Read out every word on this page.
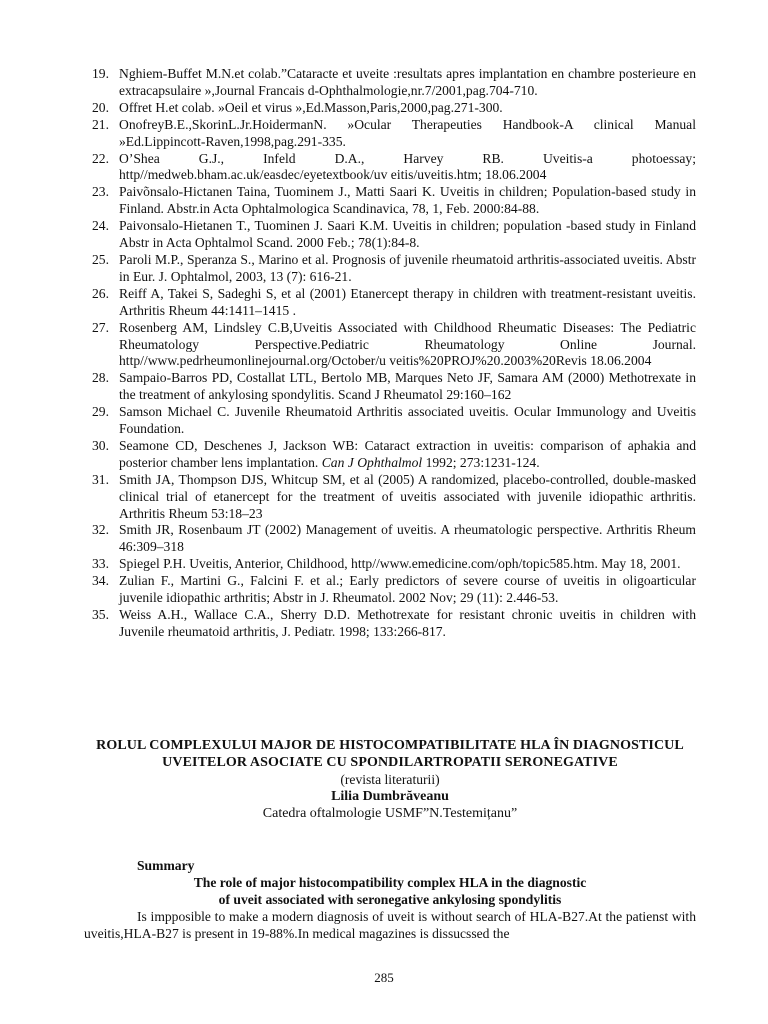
19. Nghiem-Buffet M.N.et colab.”Cataracte et uveite :resultats apres implantation en chambre posterieure en extracapsulaire »,Journal Francais d-Ophthalmologie,nr.7/2001,pag.704-710.
20. Offret H.et colab. »Oeil et virus »,Ed.Masson,Paris,2000,pag.271-300.
21. OnofreyB.E.,SkorinL.Jr.HoidermanN. »Ocular Therapeuties Handbook-A clinical Manual »Ed.Lippincott-Raven,1998,pag.291-335.
22. O’Shea G.J., Infeld D.A., Harvey RB. Uveitis-a photoessay; http//medweb.bham.ac.uk/easdec/eyetextbook/uv eitis/uveitis.htm; 18.06.2004
23. Paivõnsalo-Hictanen Taina, Tuominem J., Matti Saari K. Uveitis in children; Population-based study in Finland. Abstr.in Acta Ophtalmologica Scandinavica, 78, 1, Feb. 2000:84-88.
24. Paivonsalo-Hietanen T., Tuominen J. Saari K.M. Uveitis in children; population -based study in Finland Abstr in Acta Ophtalmol Scand. 2000 Feb.; 78(1):84-8.
25. Paroli M.P., Speranza S., Marino et al. Prognosis of juvenile rheumatoid arthritis-associated uveitis. Abstr in Eur. J. Ophtalmol, 2003, 13 (7): 616-21.
26. Reiff A, Takei S, Sadeghi S, et al (2001) Etanercept therapy in children with treatment-resistant uveitis. Arthritis Rheum 44:1411–1415 .
27. Rosenberg AM, Lindsley C.B,Uveitis Associated with Childhood Rheumatic Diseases: The Pediatric Rheumatology Perspective.Pediatric Rheumatology Online Journal. http//www.pedrheumonlinejournal.org/October/u veitis%20PROJ%20.2003%20Revis 18.06.2004
28. Sampaio-Barros PD, Costallat LTL, Bertolo MB, Marques Neto JF, Samara AM (2000) Methotrexate in the treatment of ankylosing spondylitis. Scand J Rheumatol 29:160–162
29. Samson Michael C. Juvenile Rheumatoid Arthritis associated uveitis. Ocular Immunology and Uveitis Foundation.
30. Seamone CD, Deschenes J, Jackson WB: Cataract extraction in uveitis: comparison of aphakia and posterior chamber lens implantation. Can J Ophthalmol 1992; 273:1231-124.
31. Smith JA, Thompson DJS, Whitcup SM, et al (2005) A randomized, placebo-controlled, double-masked clinical trial of etanercept for the treatment of uveitis associated with juvenile idiopathic arthritis. Arthritis Rheum 53:18–23
32. Smith JR, Rosenbaum JT (2002) Management of uveitis. A rheumatologic perspective. Arthritis Rheum 46:309–318
33. Spiegel P.H. Uveitis, Anterior, Childhood, http//www.emedicine.com/oph/topic585.htm. May 18, 2001.
34. Zulian F., Martini G., Falcini F. et al.; Early predictors of severe course of uveitis in oligoarticular juvenile idiopathic arthritis; Abstr in J. Rheumatol. 2002 Nov; 29 (11): 2.446-53.
35. Weiss A.H., Wallace C.A., Sherry D.D. Methotrexate for resistant chronic uveitis in children with Juvenile rheumatoid arthritis, J. Pediatr. 1998; 133:266-817.
ROLUL COMPLEXULUI MAJOR DE HISTOCOMPATIBILITATE HLA ÎN DIAGNOSTICUL UVEITELOR ASOCIATE CU SPONDILARTROPATII SERONEGATIVE
(revista literaturii)
Lilia Dumbrăveanu
Catedra oftalmologie USMF”N.Testemițanu”
Summary
The role of major histocompatibility complex HLA in the diagnostic
of uveit associated with seronegative ankylosing spondylitis

Is impposible to make a modern diagnosis of uveit is without search of HLA-B27.At the patienst with uveitis,HLA-B27 is present in 19-88%.In medical magazines is dissucssed the

285
